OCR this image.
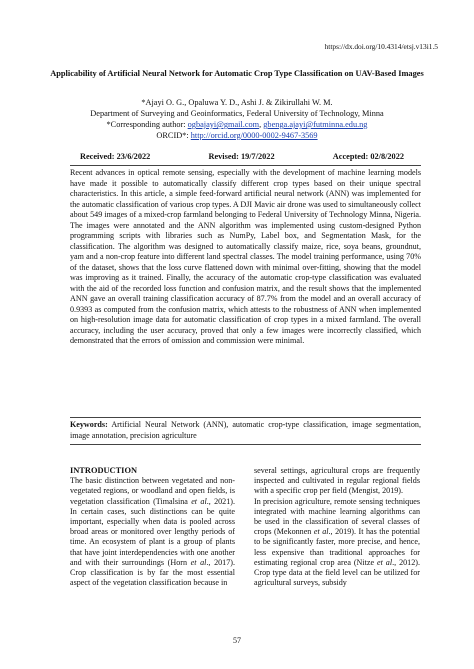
https://dx.doi.org/10.4314/etsj.v13i1.5
Applicability of Artificial Neural Network for Automatic Crop Type Classification on UAV-Based Images
*Ajayi O. G., Opaluwa Y. D., Ashi J. & Zikirullahi W. M.
Department of Surveying and Geoinformatics, Federal University of Technology, Minna
*Corresponding author: ogbajayi@gmail.com, gbenga.ajayi@futminna.edu.ng
ORCID*: http://orcid.org/0000-0002-9467-3569
Received: 23/6/2022	Revised: 19/7/2022	Accepted: 02/8/2022

Recent advances in optical remote sensing, especially with the development of machine learning models have made it possible to automatically classify different crop types based on their unique spectral characteristics. In this article, a simple feed-forward artificial neural network (ANN) was implemented for the automatic classification of various crop types. A DJI Mavic air drone was used to simultaneously collect about 549 images of a mixed-crop farmland belonging to Federal University of Technology Minna, Nigeria. The images were annotated and the ANN algorithm was implemented using custom-designed Python programming scripts with libraries such as NumPy, Label box, and Segmentation Mask, for the classification. The algorithm was designed to automatically classify maize, rice, soya beans, groundnut, yam and a non-crop feature into different land spectral classes. The model training performance, using 70% of the dataset, shows that the loss curve flattened down with minimal over-fitting, showing that the model was improving as it trained. Finally, the accuracy of the automatic crop-type classification was evaluated with the aid of the recorded loss function and confusion matrix, and the result shows that the implemented ANN gave an overall training classification accuracy of 87.7% from the model and an overall accuracy of 0.9393 as computed from the confusion matrix, which attests to the robustness of ANN when implemented on high-resolution image data for automatic classification of crop types in a mixed farmland. The overall accuracy, including the user accuracy, proved that only a few images were incorrectly classified, which demonstrated that the errors of omission and commission were minimal.

Keywords: Artificial Neural Network (ANN), automatic crop-type classification, image segmentation, image annotation, precision agriculture

INTRODUCTION

The basic distinction between vegetated and non-vegetated regions, or woodland and open fields, is vegetation classification (Timalsina et al., 2021). In certain cases, such distinctions can be quite important, especially when data is pooled across broad areas or monitored over lengthy periods of time. An ecosystem of plant is a group of plants that have joint interdependencies with one another and with their surroundings (Horn et al., 2017). Crop classification is by far the most essential aspect of the vegetation classification because in

several settings, agricultural crops are frequently inspected and cultivated in regular regional fields with a specific crop per field (Mengist, 2019).

In precision agriculture, remote sensing techniques integrated with machine learning algorithms can be used in the classification of several classes of crops (Mekonnen et al., 2019). It has the potential to be significantly faster, more precise, and hence, less expensive than traditional approaches for estimating regional crop area (Nitze et al., 2012). Crop type data at the field level can be utilized for agricultural surveys, subsidy

57
